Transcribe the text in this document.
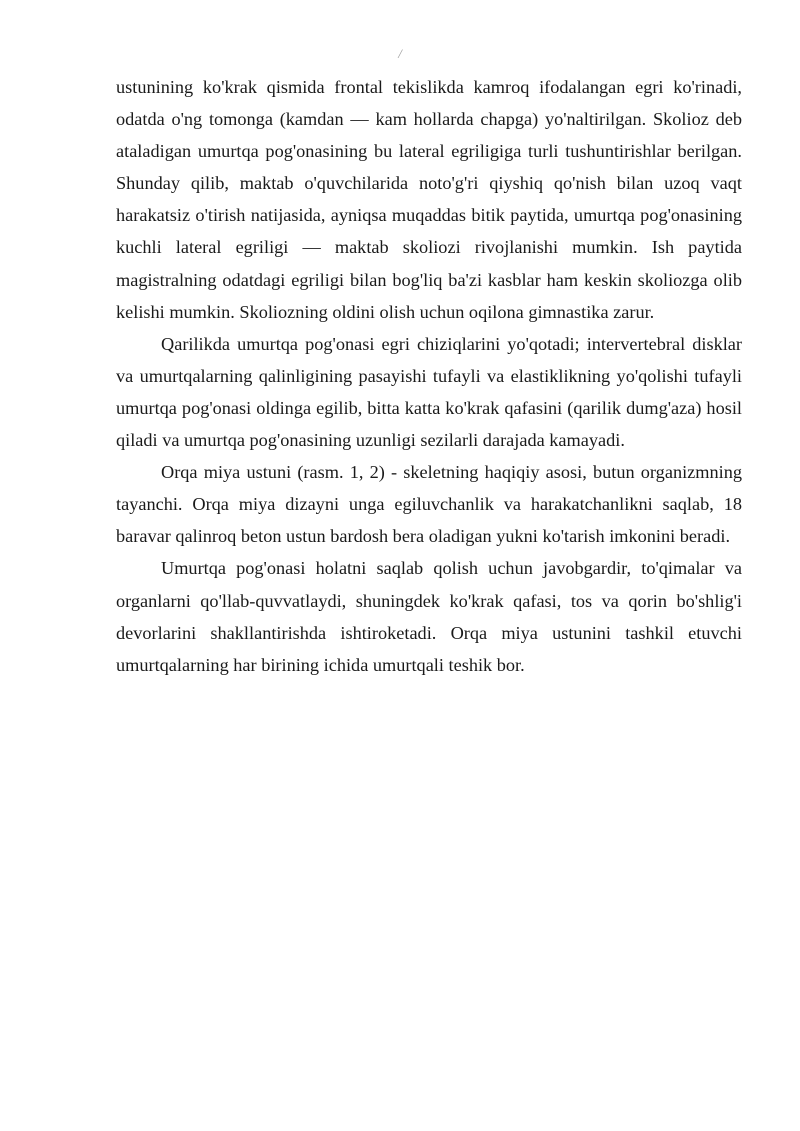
/

ustunining ko'krak qismida frontal tekislikda kamroq ifodalangan egri ko'rinadi, odatda o'ng tomonga (kamdan — kam hollarda chapga) yo'naltirilgan. Skolioz deb ataladigan umurtqa pog'onasining bu lateral egriligiga turli tushuntirishlar berilgan. Shunday qilib, maktab o'quvchilarida noto'g'ri qiyshiq qo'nish bilan uzoq vaqt harakatsiz o'tirish natijasida, ayniqsa muqaddas bitik paytida, umurtqa pog'onasining kuchli lateral egriligi — maktab skoliozi rivojlanishi mumkin. Ish paytida magistralning odatdagi egriligi bilan bog'liq ba'zi kasblar ham keskin skoliozga olib kelishi mumkin. Skoliozning oldini olish uchun oqilona gimnastika zarur.

Qarilikda umurtqa pog'onasi egri chiziqlarini yo'qotadi; intervertebral disklar va umurtqalarning qalinligining pasayishi tufayli va elastiklikning yo'qolishi tufayli umurtqa pog'onasi oldinga egilib, bitta katta ko'krak qafasini (qarilik dumg'aza) hosil qiladi va umurtqa pog'onasining uzunligi sezilarli darajada kamayadi.

Orqa miya ustuni (rasm. 1, 2) - skeletning haqiqiy asosi, butun organizmning tayanchi. Orqa miya dizayni unga egiluvchanlik va harakatchanlikni saqlab, 18 baravar qalinroq beton ustun bardosh bera oladigan yukni ko'tarish imkonini beradi.

Umurtqa pog'onasi holatni saqlab qolish uchun javobgardir, to'qimalar va organlarni qo'llab-quvvatlaydi, shuningdek ko'krak qafasi, tos va qorin bo'shlig'i devorlarini shakllantirishda ishtiroketadi. Orqa miya ustunini tashkil etuvchi umurtqalarning har birining ichida umurtqali teshik bor.
